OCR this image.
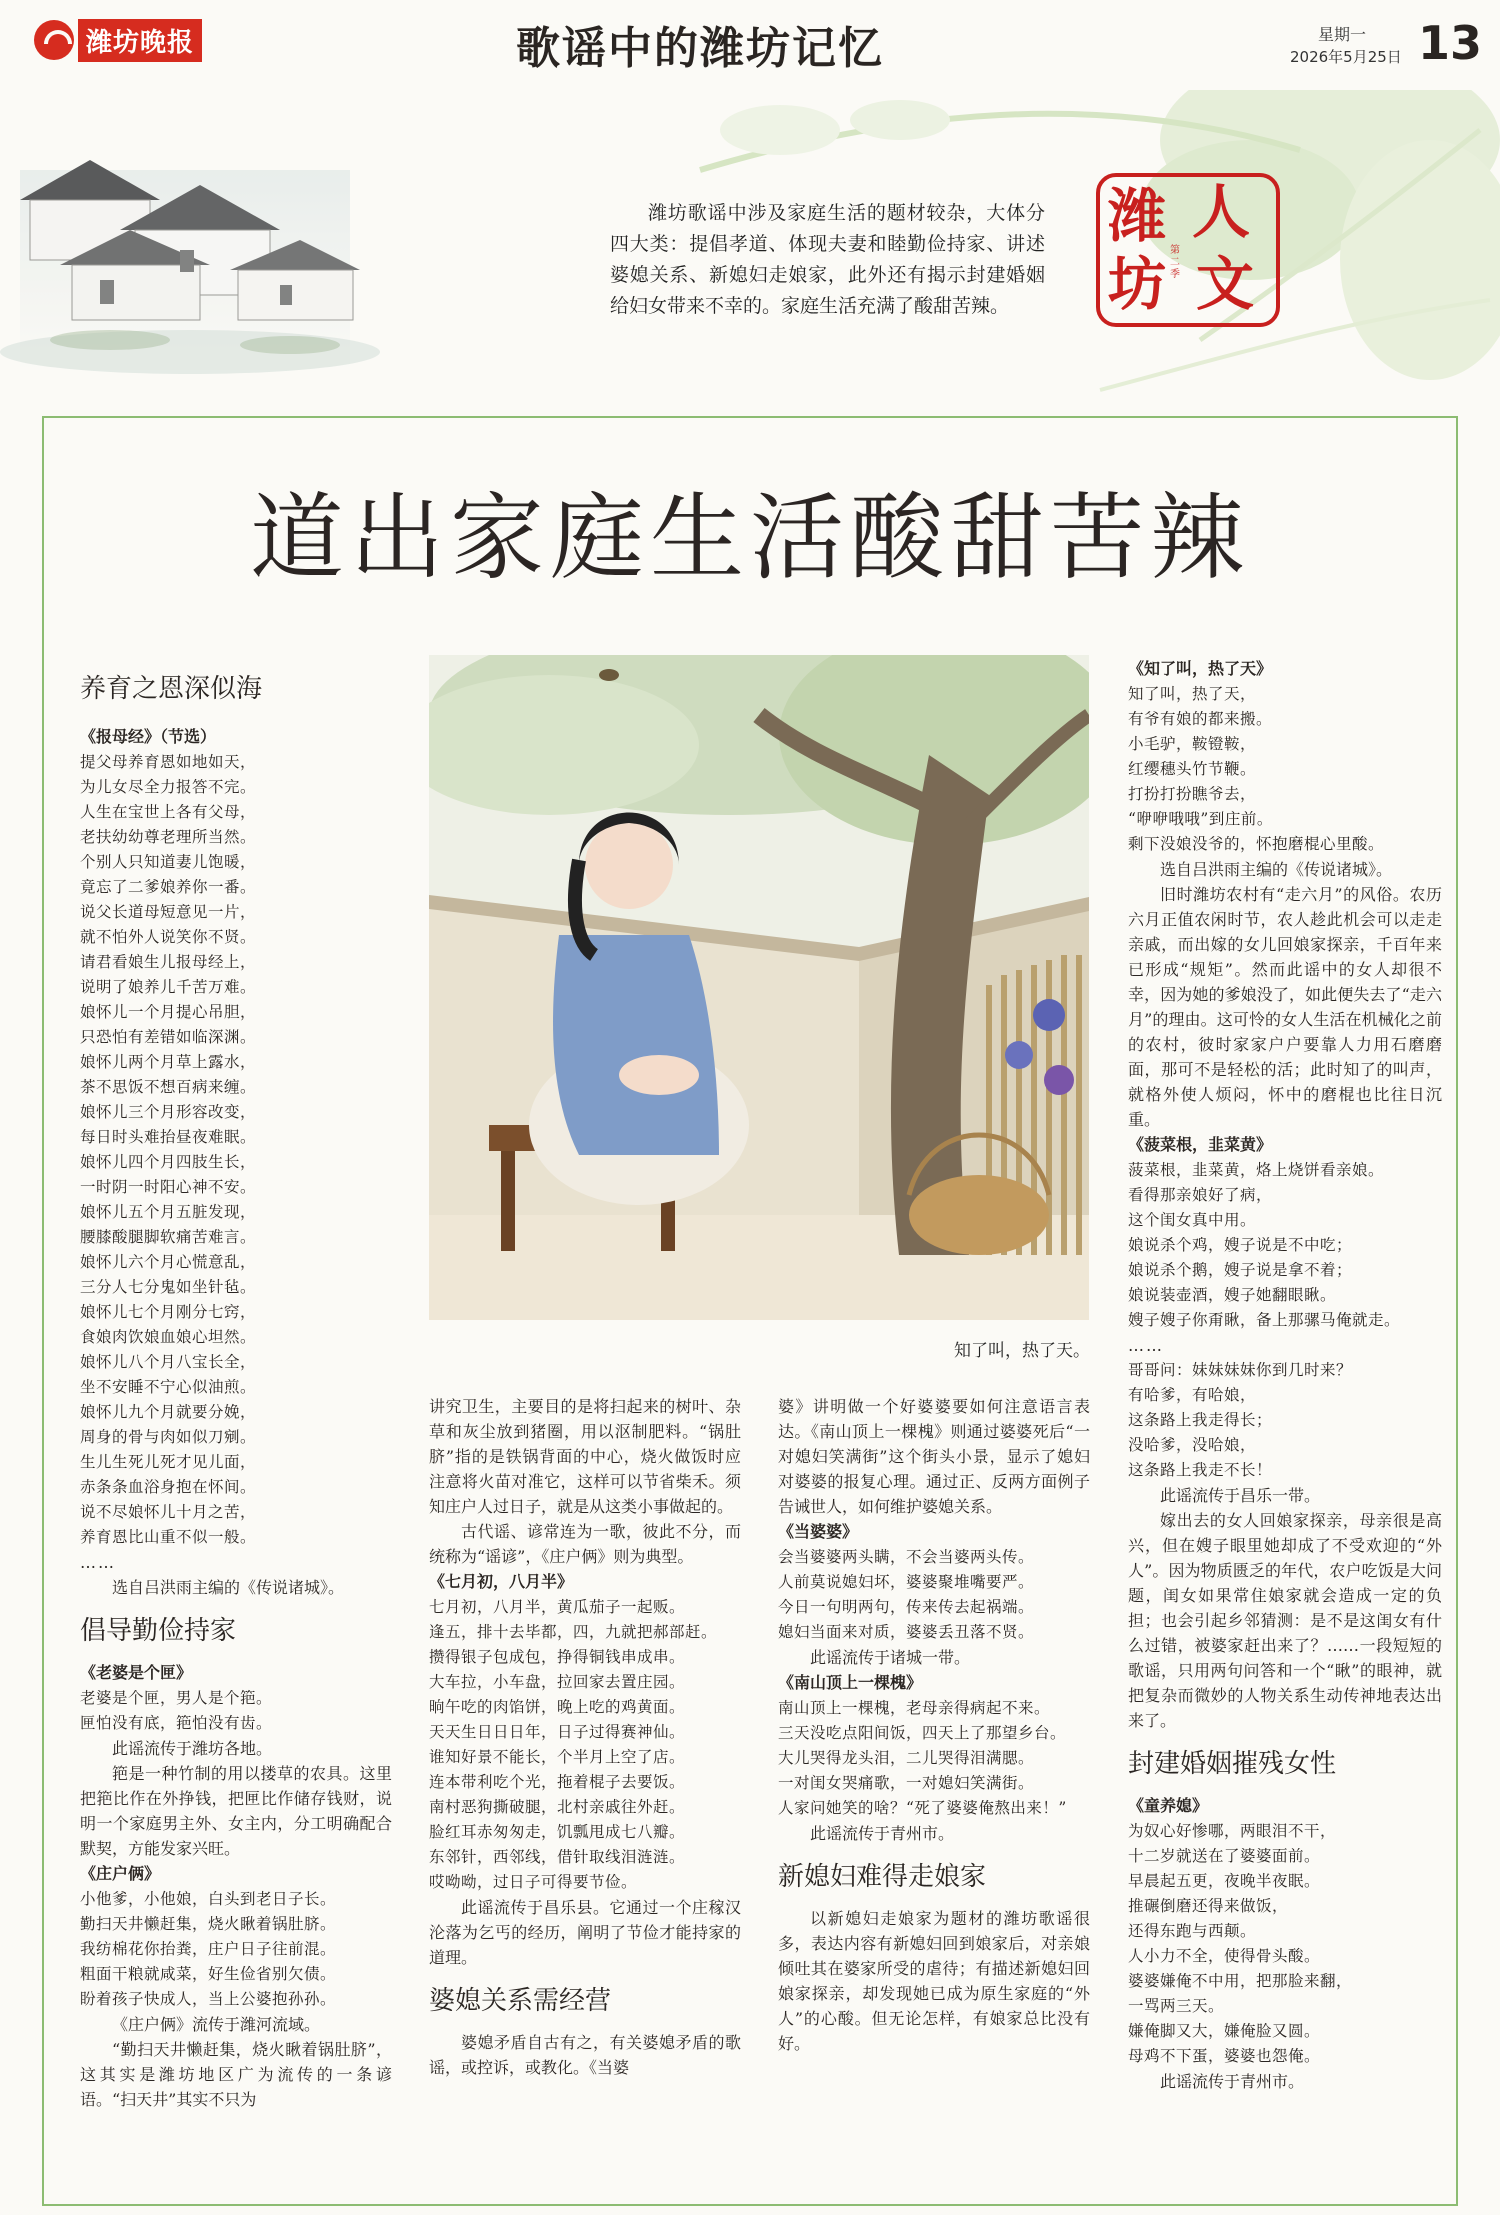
潍坊晚报	歌谣中的潍坊记忆	星期一
2026年5月25日 13
潍坊歌谣中涉及家庭生活的题材较杂，大体分四大类：提倡孝道、体现夫妻和睦勤俭持家、讲述婆媳关系、新媳妇走娘家，此外还有揭示封建婚姻给妇女带来不幸的。家庭生活充满了酸甜苦辣。
潍
坊
人
文
第二季
道出家庭生活酸甜苦辣
知了叫，热了天。
养育之恩深似海

《报母经》（节选）

提父母养育恩如地如天，

为儿女尽全力报答不完。

人生在宝世上各有父母，

老扶幼幼尊老理所当然。

个别人只知道妻儿饱暖，

竟忘了二爹娘养你一番。

说父长道母短意见一片，

就不怕外人说笑你不贤。

请君看娘生儿报母经上，

说明了娘养儿千苦万难。

娘怀儿一个月提心吊胆，

只恐怕有差错如临深渊。

娘怀儿两个月草上露水，

茶不思饭不想百病来缠。

娘怀儿三个月形容改变，

每日时头难抬昼夜难眠。

娘怀儿四个月四肢生长，

一时阴一时阳心神不安。

娘怀儿五个月五脏发现，

腰膝酸腿脚软痛苦难言。

娘怀儿六个月心慌意乱，

三分人七分鬼如坐针毡。

娘怀儿七个月刚分七窍，

食娘肉饮娘血娘心坦然。

娘怀儿八个月八宝长全，

坐不安睡不宁心似油煎。

娘怀儿九个月就要分娩，

周身的骨与肉如似刀剜。

生儿生死儿死才见儿面，

赤条条血浴身抱在怀间。

说不尽娘怀儿十月之苦，

养育恩比山重不似一般。

……

选自吕洪雨主编的《传说诸城》。

倡导勤俭持家

《老婆是个匣》

老婆是个匣，男人是个筢。

匣怕没有底，筢怕没有齿。

此谣流传于潍坊各地。

筢是一种竹制的用以搂草的农具。这里把筢比作在外挣钱，把匣比作储存钱财，说明一个家庭男主外、女主内，分工明确配合默契，方能发家兴旺。

《庄户俩》

小他爹，小他娘，白头到老日子长。

勤扫天井懒赶集，烧火瞅着锅肚脐。

我纺棉花你抬粪，庄户日子往前混。

粗面干粮就咸菜，好生俭省别欠债。

盼着孩子快成人，当上公婆抱孙孙。

《庄户俩》流传于潍河流域。

“勤扫天井懒赶集，烧火瞅着锅肚脐”，这其实是潍坊地区广为流传的一条谚语。“扫天井”其实不只为

讲究卫生，主要目的是将扫起来的树叶、杂草和灰尘放到猪圈，用以沤制肥料。“锅肚脐”指的是铁锅背面的中心，烧火做饭时应注意将火苗对准它，这样可以节省柴禾。须知庄户人过日子，就是从这类小事做起的。

古代谣、谚常连为一歌，彼此不分，而统称为“谣谚”，《庄户俩》则为典型。

《七月初，八月半》

七月初，八月半，黄瓜茄子一起贩。

逢五，排十去毕都，四，九就把郝部赶。

攒得银子包成包，挣得铜钱串成串。

大车拉，小车盘，拉回家去置庄园。

晌午吃的肉馅饼，晚上吃的鸡黄面。

天天生日日日年，日子过得赛神仙。

谁知好景不能长，个半月上空了店。

连本带利吃个光，拖着棍子去要饭。

南村恶狗撕破腿，北村亲戚往外赶。

脸红耳赤匆匆走，饥瓢甩成七八瓣。

东邻针，西邻线，借针取线泪涟涟。

哎呦呦，过日子可得要节俭。

此谣流传于昌乐县。它通过一个庄稼汉沦落为乞丐的经历，阐明了节俭才能持家的道理。

婆媳关系需经营

婆媳矛盾自古有之，有关婆媳矛盾的歌谣，或控诉，或教化。《当婆

婆》讲明做一个好婆婆要如何注意语言表达。《南山顶上一棵槐》则通过婆婆死后“一对媳妇笑满街”这个街头小景，显示了媳妇对婆婆的报复心理。通过正、反两方面例子告诫世人，如何维护婆媳关系。

《当婆婆》

会当婆婆两头瞒，不会当婆两头传。

人前莫说媳妇坏，婆婆聚堆嘴要严。

今日一句明两句，传来传去起祸端。

媳妇当面来对质，婆婆丢丑落不贤。

此谣流传于诸城一带。

《南山顶上一棵槐》

南山顶上一棵槐，老母亲得病起不来。

三天没吃点阳间饭，四天上了那望乡台。

大儿哭得龙头泪，二儿哭得泪满腮。

一对闺女哭痛歌，一对媳妇笑满街。

人家问她笑的啥？“死了婆婆俺熬出来！”

此谣流传于青州市。

新媳妇难得走娘家

以新媳妇走娘家为题材的潍坊歌谣很多，表达内容有新媳妇回到娘家后，对亲娘倾吐其在婆家所受的虐待；有描述新媳妇回娘家探亲，却发现她已成为原生家庭的“外人”的心酸。但无论怎样，有娘家总比没有好。

《知了叫，热了天》

知了叫，热了天，

有爷有娘的都来搬。

小毛驴，鞍镫鞍，

红缨穗头竹节鞭。

打扮打扮瞧爷去，

“咿咿哦哦”到庄前。

剩下没娘没爷的，怀抱磨棍心里酸。

选自吕洪雨主编的《传说诸城》。

旧时潍坊农村有“走六月”的风俗。农历六月正值农闲时节，农人趁此机会可以走走亲戚，而出嫁的女儿回娘家探亲，千百年来已形成“规矩”。然而此谣中的女人却很不幸，因为她的爹娘没了，如此便失去了“走六月”的理由。这可怜的女人生活在机械化之前的农村，彼时家家户户要靠人力用石磨磨面，那可不是轻松的活；此时知了的叫声，就格外使人烦闷，怀中的磨棍也比往日沉重。

《菠菜根，韭菜黄》

菠菜根，韭菜黄，烙上烧饼看亲娘。

看得那亲娘好了病，

这个闺女真中用。

娘说杀个鸡，嫂子说是不中吃；

娘说杀个鹅，嫂子说是拿不着；

娘说装壶酒，嫂子她翻眼瞅。

嫂子嫂子你甭瞅，备上那骡马俺就走。

……

哥哥问：妹妹妹妹你到几时来？

有哈爹，有哈娘，

这条路上我走得长；

没哈爹，没哈娘，

这条路上我走不长！

此谣流传于昌乐一带。

嫁出去的女人回娘家探亲，母亲很是高兴，但在嫂子眼里她却成了不受欢迎的“外人”。因为物质匮乏的年代，农户吃饭是大问题，闺女如果常住娘家就会造成一定的负担；也会引起乡邻猜测：是不是这闺女有什么过错，被婆家赶出来了？……一段短短的歌谣，只用两句问答和一个“瞅”的眼神，就把复杂而微妙的人物关系生动传神地表达出来了。

封建婚姻摧残女性

《童养媳》

为奴心好惨哪，两眼泪不干，

十二岁就送在了婆婆面前。

早晨起五更，夜晚半夜眠。

推碾倒磨还得来做饭，

还得东跑与西颠。

人小力不全，使得骨头酸。

婆婆嫌俺不中用，把那脸来翻，

一骂两三天。

嫌俺脚又大，嫌俺脸又圆。

母鸡不下蛋，婆婆也怨俺。

此谣流传于青州市。
